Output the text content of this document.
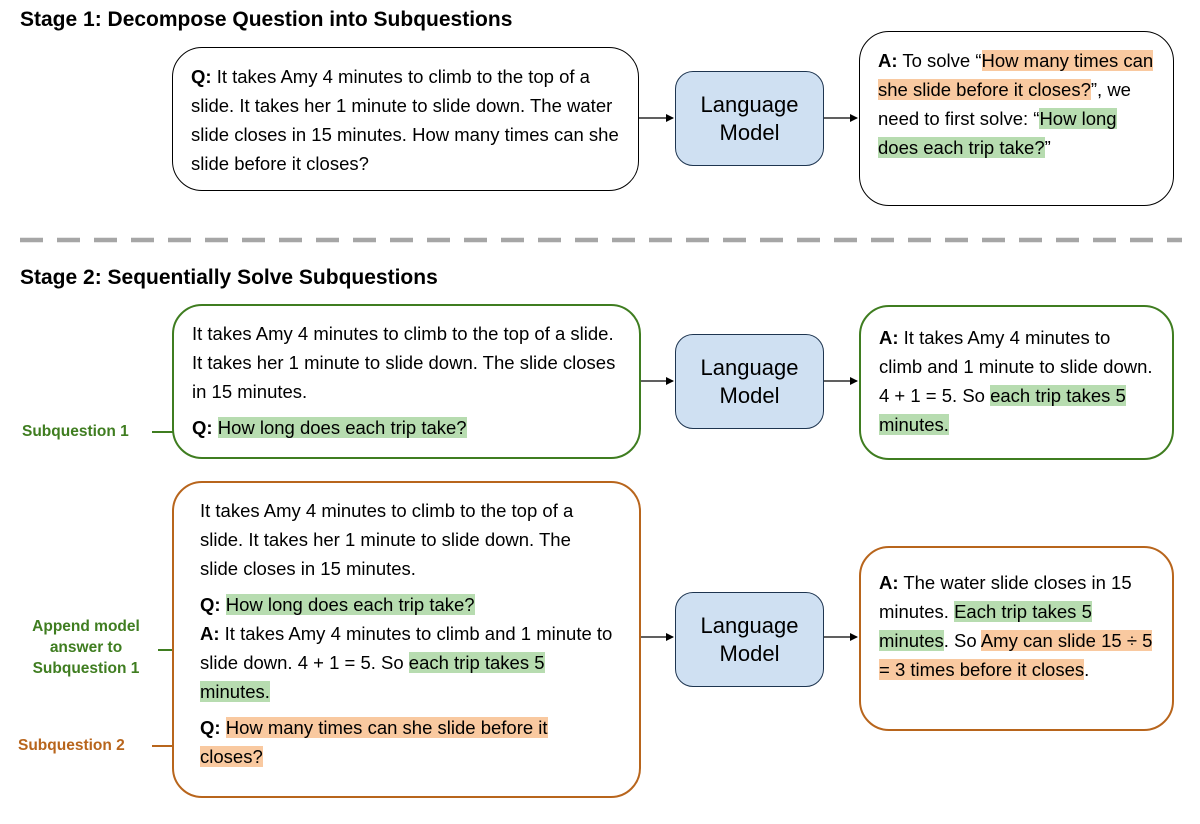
Stage 1: Decompose Question into Subquestions
Q: It takes Amy 4 minutes to climb to the top of a slide. It takes her 1 minute to slide down. The water slide closes in 15 minutes. How many times can she slide before it closes?
Language
Model
A: To solve “How many times can she slide before it closes?”, we need to first solve: “How long does each trip take?”
Stage 2: Sequentially Solve Subquestions
Subquestion 1
It takes Amy 4 minutes to climb to the top of a slide. It takes her 1 minute to slide down. The slide closes in 15 minutes.
Q: How long does each trip take?
Language
Model
A: It takes Amy 4 minutes to climb and 1 minute to slide down. 4 + 1 = 5. So each trip takes 5 minutes.
Append model answer to Subquestion 1
Subquestion 2
It takes Amy 4 minutes to climb to the top of a slide. It takes her 1 minute to slide down. The slide closes in 15 minutes.
Q: How long does each trip take?
A: It takes Amy 4 minutes to climb and 1 minute to slide down. 4 + 1 = 5. So each trip takes 5 minutes.
Q: How many times can she slide before it closes?
Language
Model
A: The water slide closes in 15 minutes. Each trip takes 5 minutes. So Amy can slide 15 ÷ 5 = 3 times before it closes.
